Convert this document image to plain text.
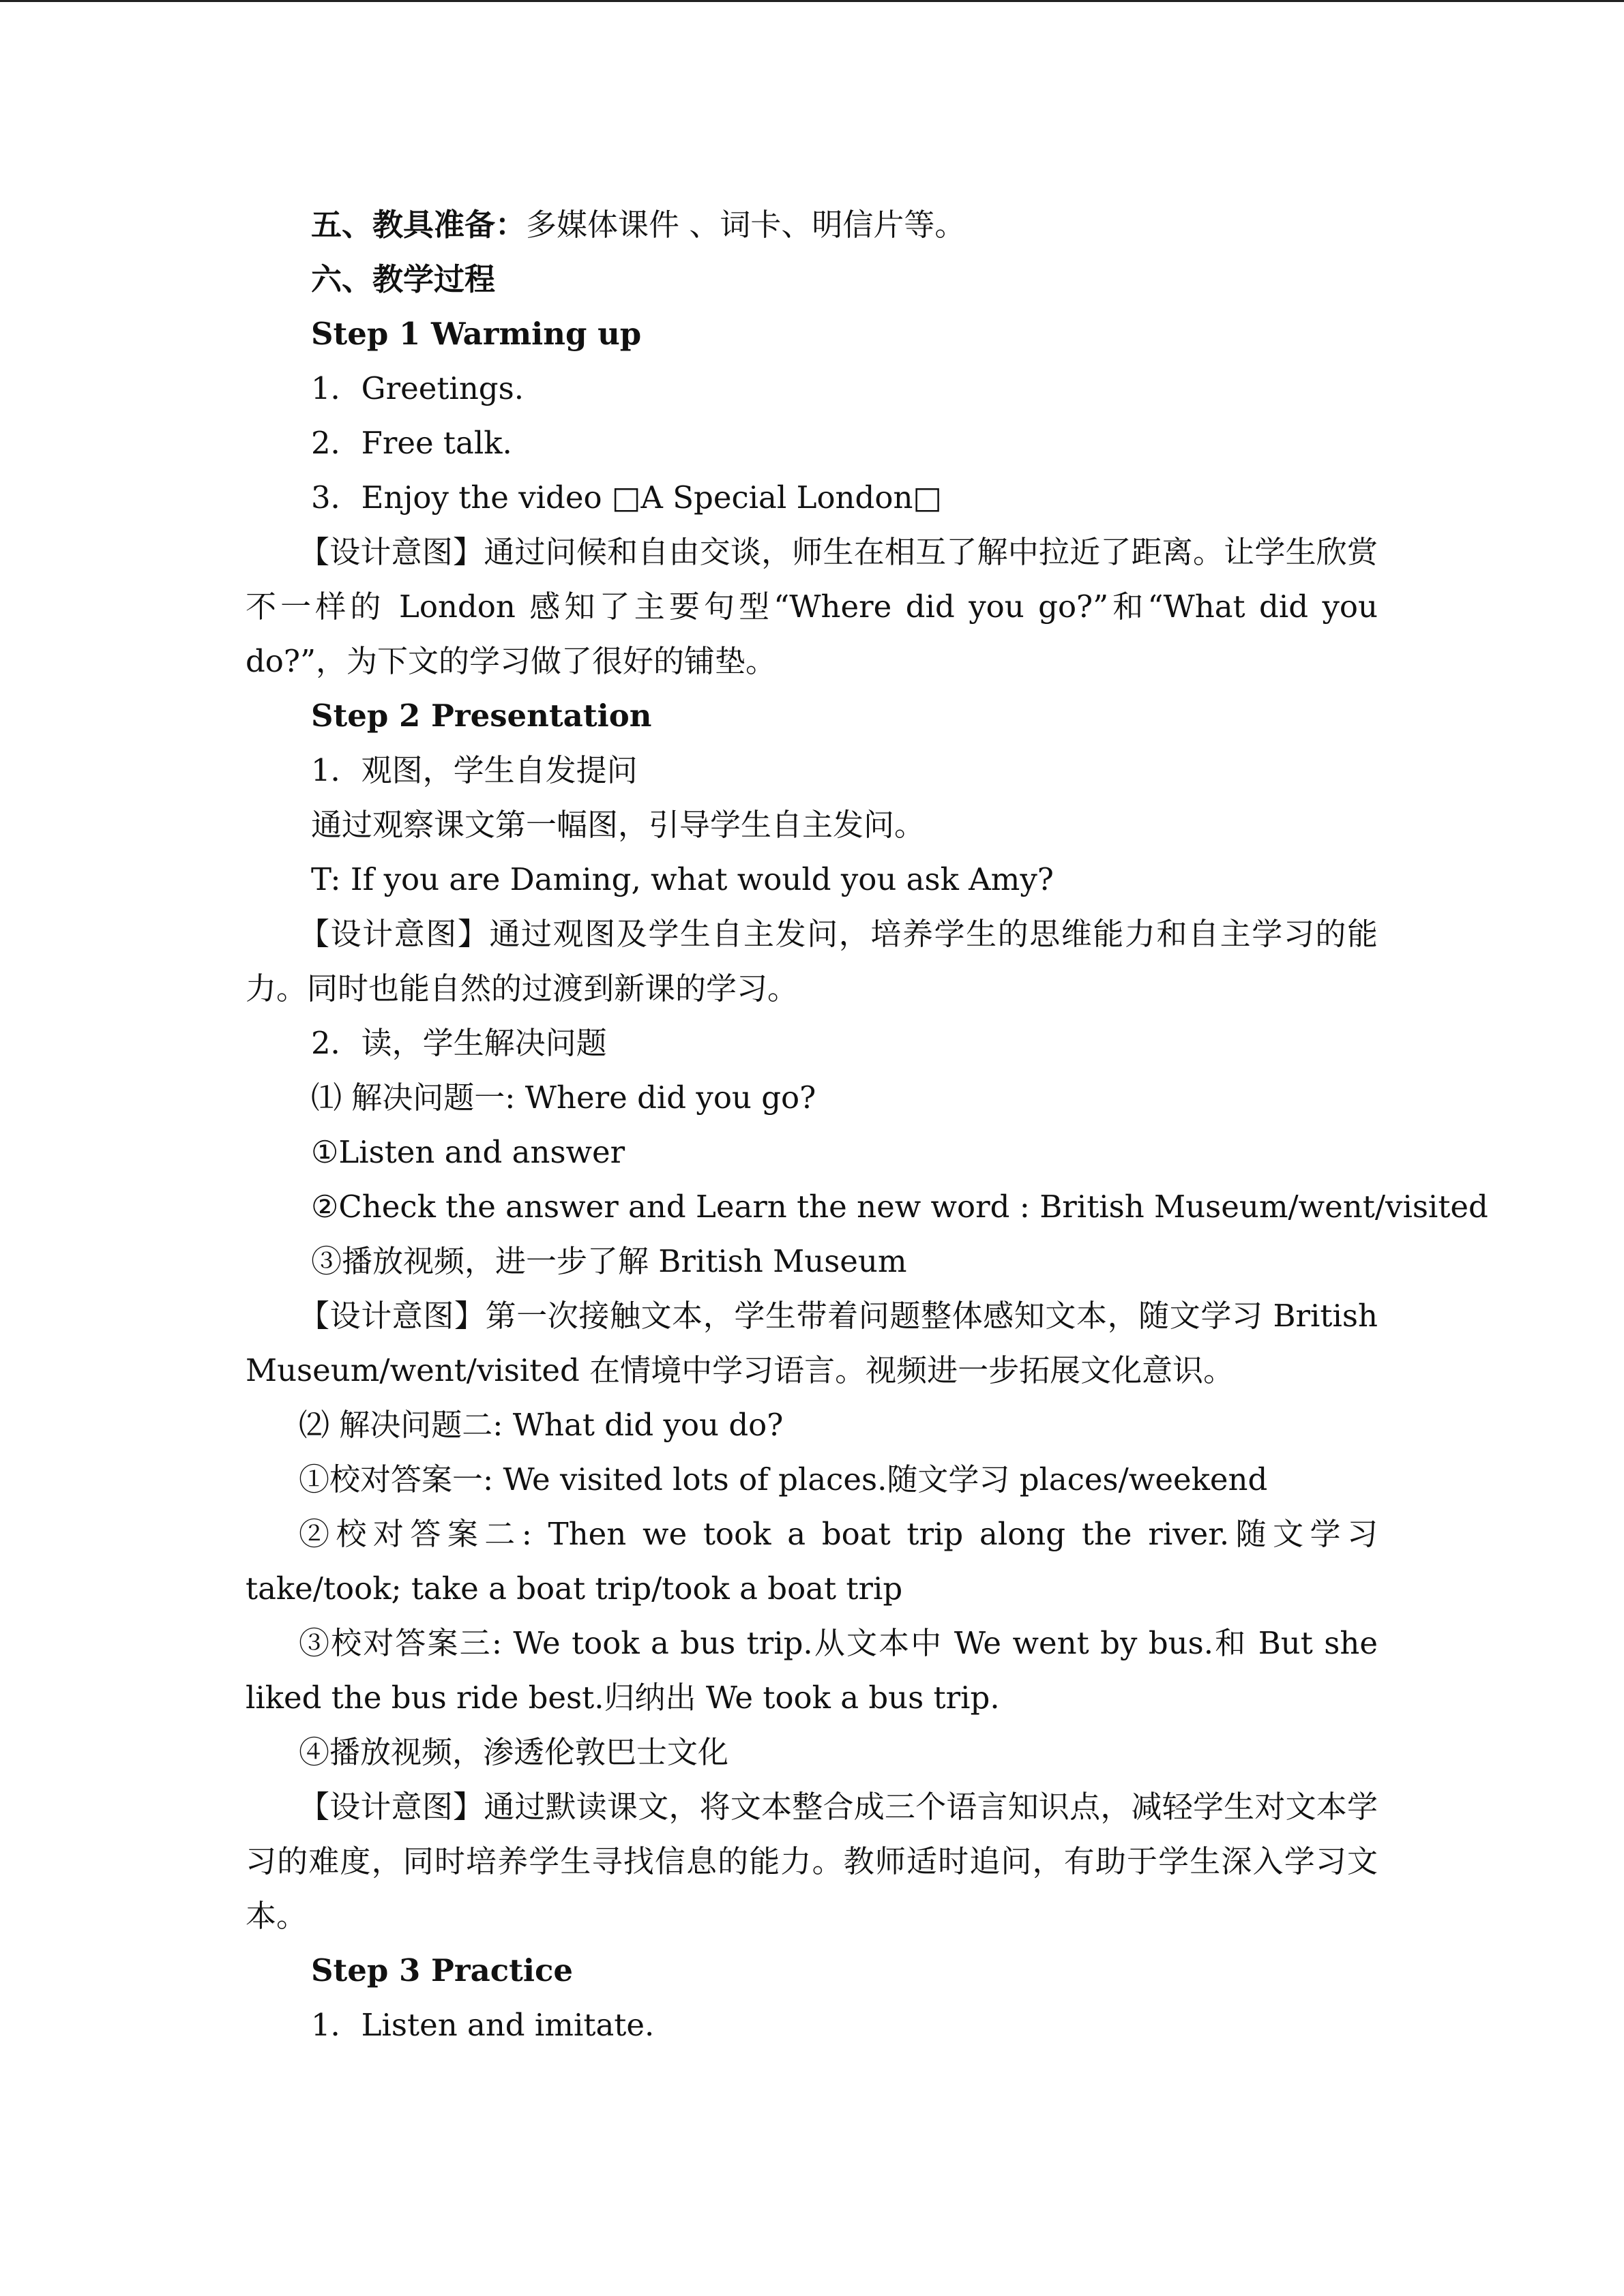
五、教具准备：多媒体课件 、词卡、明信片等。

六、教学过程

Step 1 Warming up

1．Greetings.

2．Free talk.

3．Enjoy the video □A Special London□

【设计意图】通过问候和自由交谈，师生在相互了解中拉近了距离。让学生欣赏不一样的 London 感知了主要句型“Where did you go?”和“What did you do?”，为下文的学习做了很好的铺垫。

Step 2 Presentation

1．观图，学生自发提问

通过观察课文第一幅图，引导学生自主发问。

T: If you are Daming, what would you ask Amy?

【设计意图】通过观图及学生自主发问，培养学生的思维能力和自主学习的能力。同时也能自然的过渡到新课的学习。

2．读，学生解决问题

⑴ 解决问题一: Where did you go?

①Listen and answer

②Check the answer and Learn the new word : British Museum/went/visited

③播放视频，进一步了解 British Museum

【设计意图】第一次接触文本，学生带着问题整体感知文本，随文学习 British Museum/went/visited 在情境中学习语言。视频进一步拓展文化意识。

⑵ 解决问题二: What did you do?

①校对答案一: We visited lots of places.随文学习 places/weekend

②校对答案二: Then we took a boat trip along the river.随文学习 take/took; take a boat trip/took a boat trip

③校对答案三: We took a bus trip.从文本中 We went by bus.和 But she liked the bus ride best.归纳出 We took a bus trip.

④播放视频，渗透伦敦巴士文化

【设计意图】通过默读课文，将文本整合成三个语言知识点，减轻学生对文本学习的难度，同时培养学生寻找信息的能力。教师适时追问，有助于学生深入学习文本。

Step 3 Practice

1．Listen and imitate.
